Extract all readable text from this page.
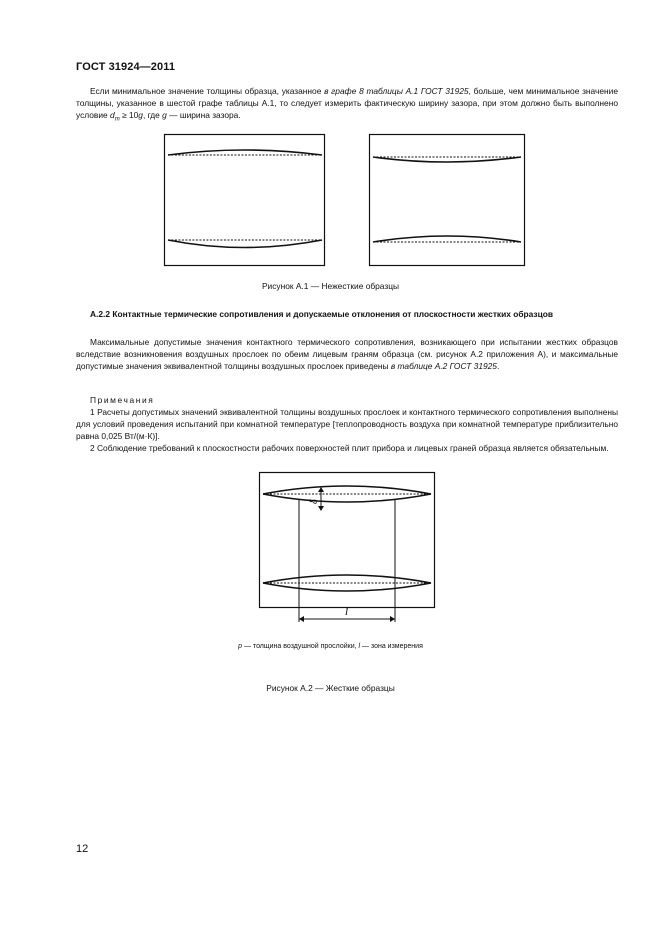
ГОСТ 31924—2011
Если минимальное значение толщины образца, указанное в графе 8 таблицы А.1 ГОСТ 31925, больше, чем минимальное значение толщины, указанное в шестой графе таблицы А.1, то следует измерить фактическую ширину зазора, при этом должно быть выполнено условие $d_m \ge 10g$, где g — ширина зазора.
Рисунок А.1 — Нежесткие образцы
А.2.2 Контактные термические сопротивления и допускаемые отклонения от плоскостности жестких образцов
Максимальные допустимые значения контактного термического сопротивления, возникающего при испытании жестких образцов вследствие возникновения воздушных прослоек по обеим лицевым граням образца (см. рисунок А.2 приложения А), и максимальные допустимые значения эквивалентной толщины воздушных прослоек приведены в таблице А.2 ГОСТ 31925.
Примечания
1 Расчеты допустимых значений эквивалентной толщины воздушных прослоек и контактного термического сопротивления выполнены для условий проведения испытаний при комнатной температуре [теплопроводность воздуха при комнатной температуре приблизительно равна 0,025 Вт/(м·К)].
2 Соблюдение требований к плоскостности рабочих поверхностей плит прибора и лицевых граней образца является обязательным.
δ
l
p — толщина воздушной прослойки, l — зона измерения
Рисунок А.2 — Жесткие образцы
12
